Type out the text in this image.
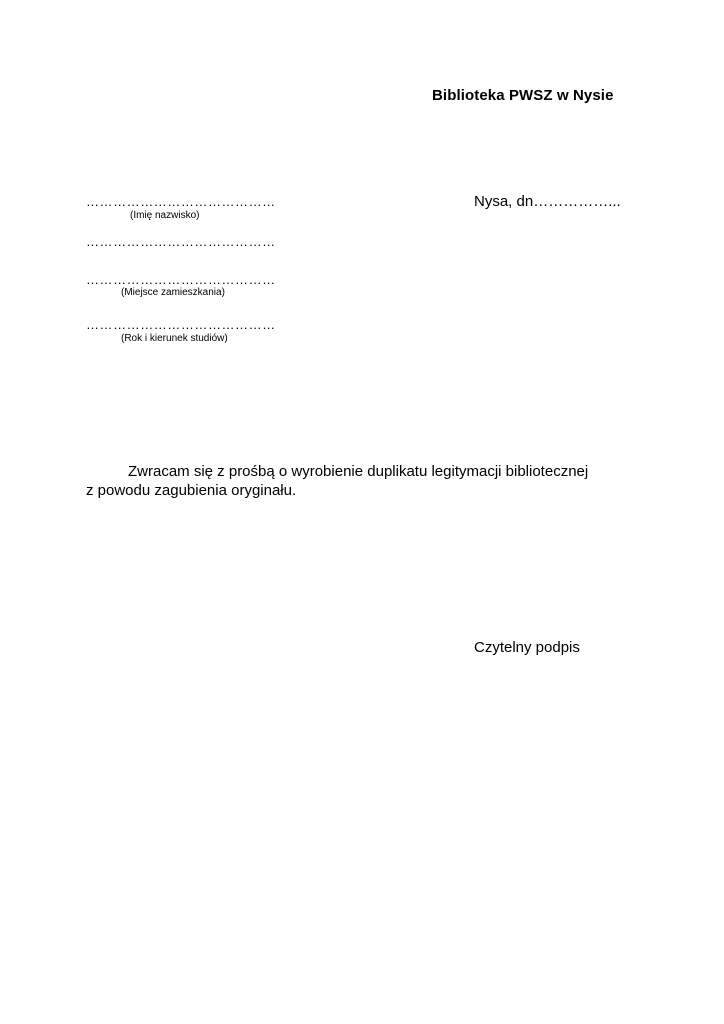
Biblioteka PWSZ w Nysie
Nysa, dn……………...
……………………………………
(Imię nazwisko)
……………………………………
……………………………………
(Miejsce zamieszkania)
……………………………………
(Rok i kierunek studiów)
Zwracam się z prośbą o wyrobienie duplikatu legitymacji bibliotecznej
z powodu zagubienia oryginału.
Czytelny podpis
